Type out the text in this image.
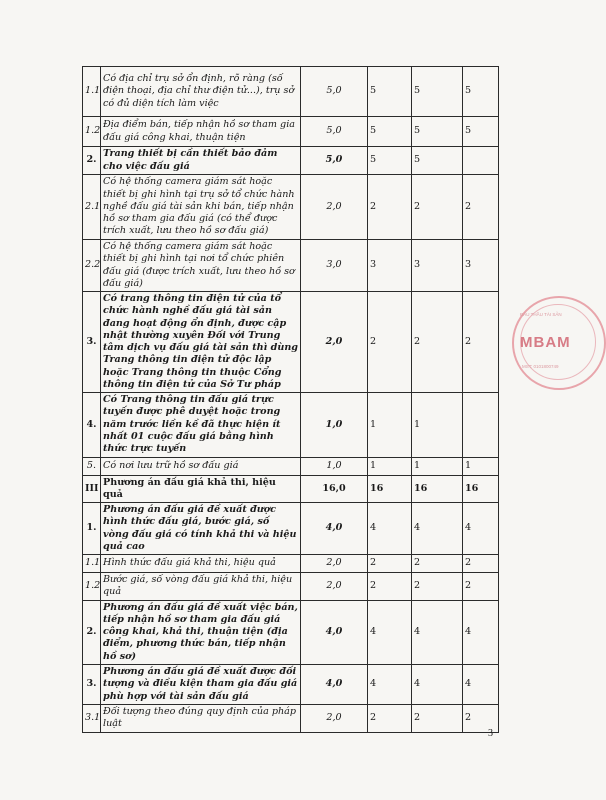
1.1	Có địa chỉ trụ sở ổn định, rõ ràng (số điện thoại, địa chỉ thư điện tử...), trụ sở có đủ diện tích làm việc	5,0	5	5	5
1.2	Địa điểm bán, tiếp nhận hồ sơ tham gia đấu giá công khai, thuận tiện	5,0	5	5	5
2.	Trang thiết bị cần thiết bảo đảm cho việc đấu giá	5,0	5	5	
2.1	Có hệ thống camera giám sát hoặc thiết bị ghi hình tại trụ sở tổ chức hành nghề đấu giá tài sản khi bán, tiếp nhận hồ sơ tham gia đấu giá (có thể được trích xuất, lưu theo hồ sơ đấu giá)	2,0	2	2	2
2.2	Có hệ thống camera giám sát hoặc thiết bị ghi hình tại nơi tổ chức phiên đấu giá (được trích xuất, lưu theo hồ sơ đấu giá)	3,0	3	3	3
3.	Có trang thông tin điện tử của tổ chức hành nghề đấu giá tài sản đang hoạt động ổn định, được cập nhật thường xuyên Đối với Trung tâm dịch vụ đấu giá tài sản thì dùng Trang thông tin điện tử độc lập hoặc Trang thông tin thuộc Cổng thông tin điện tử của Sở Tư pháp	2,0	2	2	2
4.	Có Trang thông tin đấu giá trực tuyến được phê duyệt hoặc trong năm trước liền kề đã thực hiện ít nhất 01 cuộc đấu giá bằng hình thức trực tuyến	1,0	1	1	
5.	Có nơi lưu trữ hồ sơ đấu giá	1,0	1	1	1
III	Phương án đấu giá khả thi, hiệu quả	16,0	16	16	16
1.	Phương án đấu giá đề xuất được hình thức đấu giá, bước giá, số vòng đấu giá có tính khả thi và hiệu quả cao	4,0	4	4	4
1.1	Hình thức đấu giá khả thi, hiệu quả	2,0	2	2	2
1.2	Bước giá, số vòng đấu giá khả thi, hiệu quả	2,0	2	2	2
2.	Phương án đấu giá đề xuất việc bán, tiếp nhận hồ sơ tham gia đấu giá công khai, khả thi, thuận tiện (địa điểm, phương thức bán, tiếp nhận hồ sơ)	4,0	4	4	4
3.	Phương án đấu giá đề xuất được đối tượng và điều kiện tham gia đấu giá phù hợp với tài sản đấu giá	4,0	4	4	4
3.1	Đối tượng theo đúng quy định của pháp luật	2,0	2	2	2
ĐẤU THẦU TÀI SẢN
MBAM
MST: 0101800749
3
